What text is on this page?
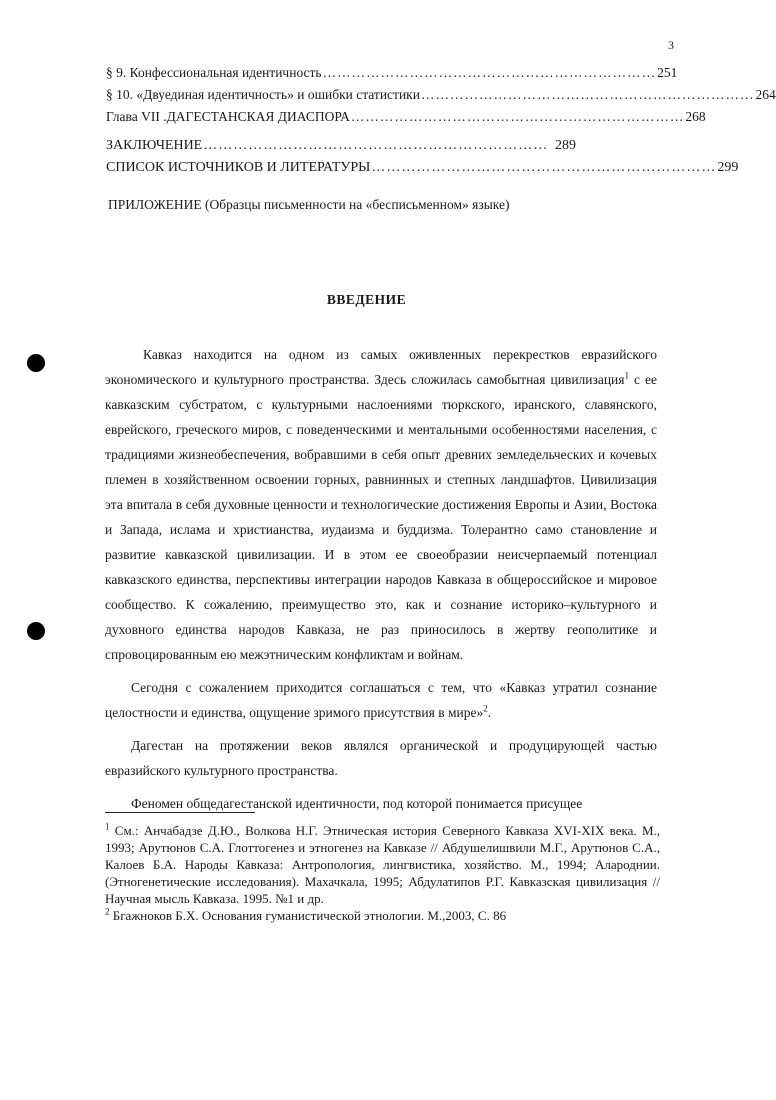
3
§ 9. Конфессиональная идентичность …………………………………………………………… 251
§ 10. «Двуединая идентичность» и ошибки статистики …………………………………………………………… 264
Глава VII .ДАГЕСТАНСКАЯ ДИАСПОРА …………………………………………………………… 268
ЗАКЛЮЧЕНИЕ …………………………………………………………… 289
СПИСОК ИСТОЧНИКОВ И ЛИТЕРАТУРЫ …………………………………………………………… 299
ПРИЛОЖЕНИЕ (Образцы письменности на «бесписьменном» языке)
ВВЕДЕНИЕ

Кавказ находится на одном из самых оживленных перекрестков евразийского экономического и культурного пространства. Здесь сложилась самобытная цивилизация$^1$ с ее кавказским субстратом, с культурными наслоениями тюркского, иранского, славянского, еврейского, греческого миров, с поведенческими и ментальными особенностями населения, с традициями жизнеобеспечения, вобравшими в себя опыт древних земледельческих и кочевых племен в хозяйственном освоении горных, равнинных и степных ландшафтов. Цивилизация эта впитала в себя духовные ценности и технологические достижения Европы и Азии, Востока и Запада, ислама и христианства, иудаизма и буддизма. Толерантно само становление и развитие кавказской цивилизации. И в этом ее своеобразии неисчерпаемый потенциал кавказского единства, перспективы интеграции народов Кавказа в общероссийское и мировое сообщество. К сожалению, преимущество это, как и сознание историко–культурного и духовного единства народов Кавказа, не раз приносилось в жертву геополитике и спровоцированным ею межэтническим конфликтам и войнам.

Сегодня с сожалением приходится соглашаться с тем, что «Кавказ утратил сознание целостности и единства, ощущение зримого присутствия в мире»$^2$.

Дагестан на протяжении веков являлся органической и продуцирующей частью евразийского культурного пространства.

Феномен общедагестанской идентичности, под которой понимается присущее

$^1$ См.: Анчабадзе Д.Ю., Волкова Н.Г. Этническая история Северного Кавказа XVI-XIX века. М., 1993; Арутюнов С.А. Глоттогенез и этногенез на Кавказе // Абдушелишвили М.Г., Арутюнов С.А., Калоев Б.А. Народы Кавказа: Антропология, лингвистика, хозяйство. М., 1994; Алароднии. (Этногенетические исследования). Махачкала, 1995; Абдулатипов Р.Г. Кавказская цивилизация // Научная мысль Кавказа. 1995. №1 и др.

$^2$ Бгажноков Б.Х. Основания гуманистической этнологии. М.,2003, С. 86
